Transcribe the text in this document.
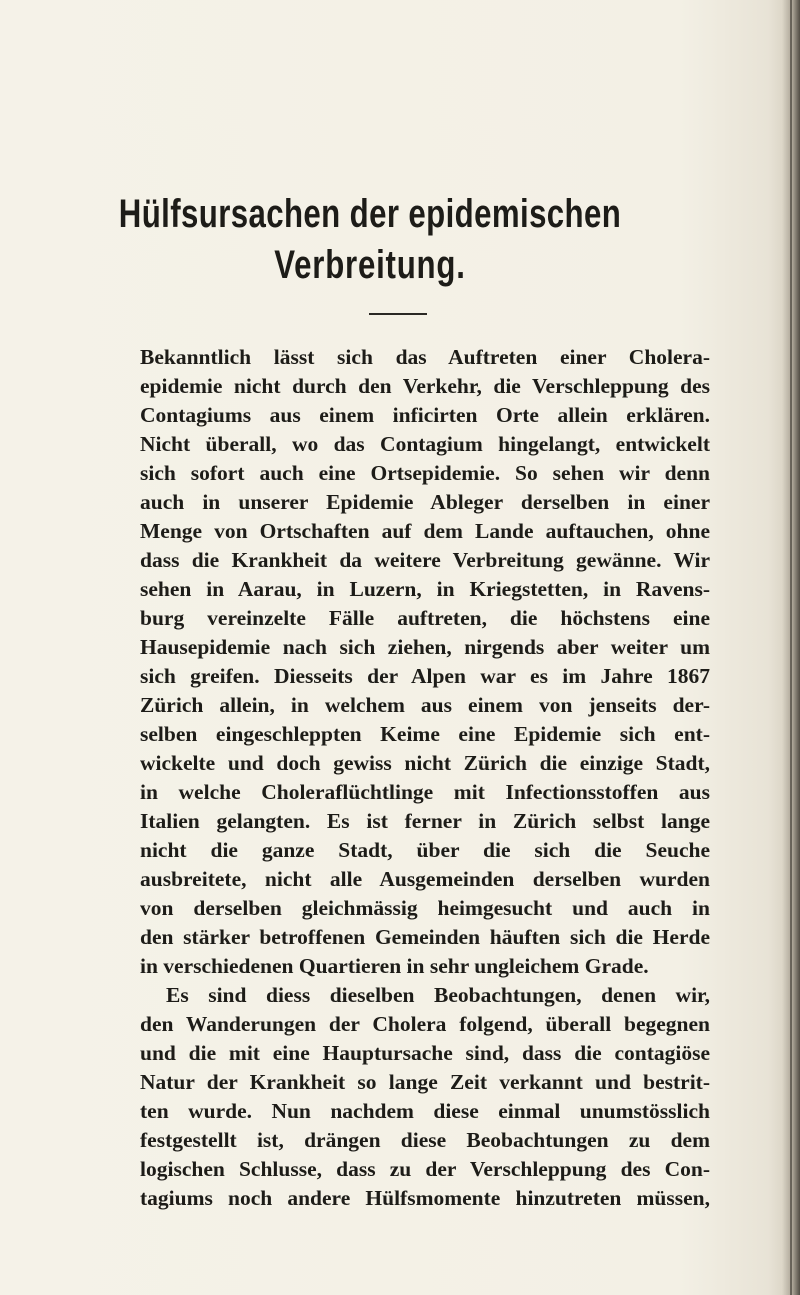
Hülfsursachen der epidemischen
Verbreitung.
Bekanntlich lässt sich das Auftreten einer Cholera-
epidemie nicht durch den Verkehr, die Verschleppung des
Contagiums aus einem inficirten Orte allein erklären.
Nicht überall, wo das Contagium hingelangt, entwickelt
sich sofort auch eine Ortsepidemie. So sehen wir denn
auch in unserer Epidemie Ableger derselben in einer
Menge von Ortschaften auf dem Lande auftauchen, ohne
dass die Krankheit da weitere Verbreitung gewänne. Wir
sehen in Aarau, in Luzern, in Kriegstetten, in Ravens-
burg vereinzelte Fälle auftreten, die höchstens eine
Hausepidemie nach sich ziehen, nirgends aber weiter um
sich greifen. Diesseits der Alpen war es im Jahre 1867
Zürich allein, in welchem aus einem von jenseits der-
selben eingeschleppten Keime eine Epidemie sich ent-
wickelte und doch gewiss nicht Zürich die einzige Stadt,
in welche Choleraflüchtlinge mit Infectionsstoffen aus
Italien gelangten. Es ist ferner in Zürich selbst lange
nicht die ganze Stadt, über die sich die Seuche
ausbreitete, nicht alle Ausgemeinden derselben wurden
von derselben gleichmässig heimgesucht und auch in
den stärker betroffenen Gemeinden häuften sich die Herde
in verschiedenen Quartieren in sehr ungleichem Grade.
Es sind diess dieselben Beobachtungen, denen wir,
den Wanderungen der Cholera folgend, überall begegnen
und die mit eine Hauptursache sind, dass die contagiöse
Natur der Krankheit so lange Zeit verkannt und bestrit-
ten wurde. Nun nachdem diese einmal unumstösslich
festgestellt ist, drängen diese Beobachtungen zu dem
logischen Schlusse, dass zu der Verschleppung des Con-
tagiums noch andere Hülfsmomente hinzutreten müssen,
